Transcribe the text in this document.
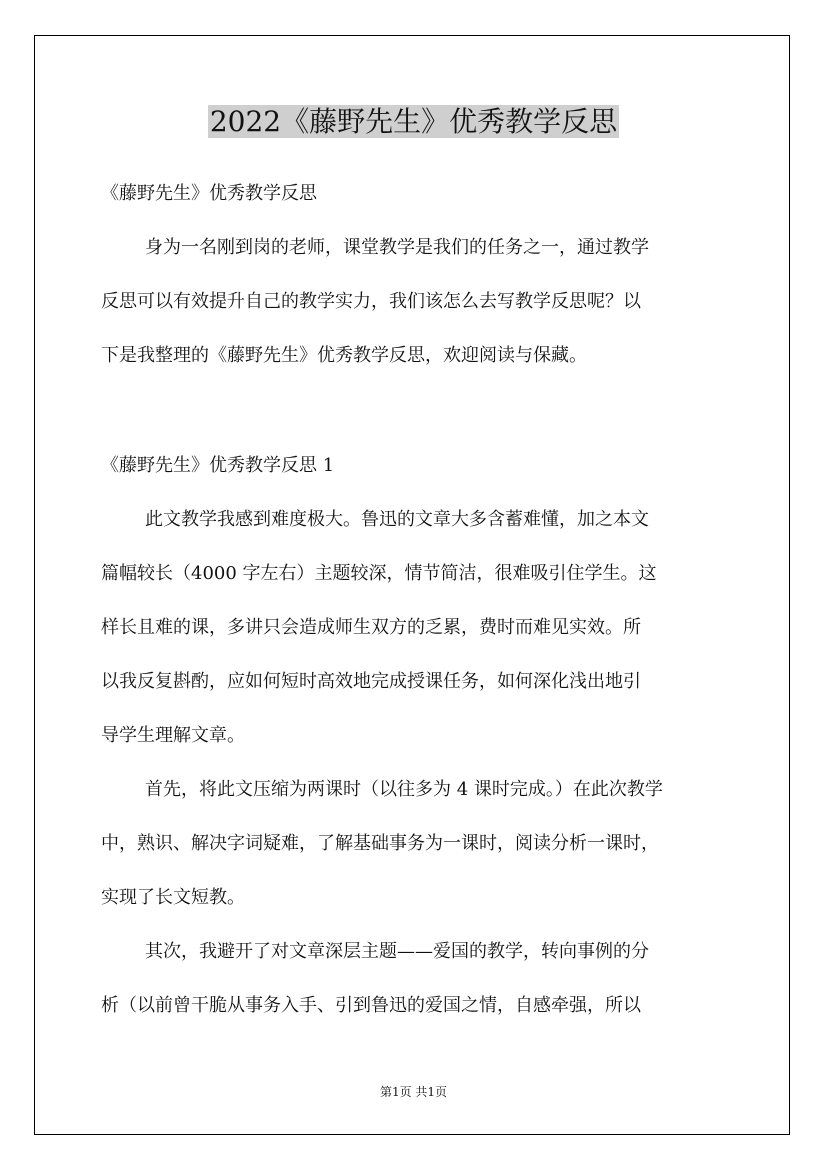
2022《藤野先生》优秀教学反思
《藤野先生》优秀教学反思
身为一名刚到岗的老师，课堂教学是我们的任务之一，通过教学
反思可以有效提升自己的教学实力，我们该怎么去写教学反思呢？以
下是我整理的《藤野先生》优秀教学反思，欢迎阅读与保藏。
《藤野先生》优秀教学反思 1
此文教学我感到难度极大。鲁迅的文章大多含蓄难懂，加之本文
篇幅较长（4000 字左右）主题较深，情节简洁，很难吸引住学生。这
样长且难的课，多讲只会造成师生双方的乏累，费时而难见实效。所
以我反复斟酌，应如何短时高效地完成授课任务，如何深化浅出地引
导学生理解文章。
首先，将此文压缩为两课时（以往多为 4 课时完成。）在此次教学
中，熟识、解决字词疑难，了解基础事务为一课时，阅读分析一课时，
实现了长文短教。
其次，我避开了对文章深层主题——爱国的教学，转向事例的分
析（以前曾干脆从事务入手、引到鲁迅的爱国之情，自感牵强，所以
第1页 共1页
